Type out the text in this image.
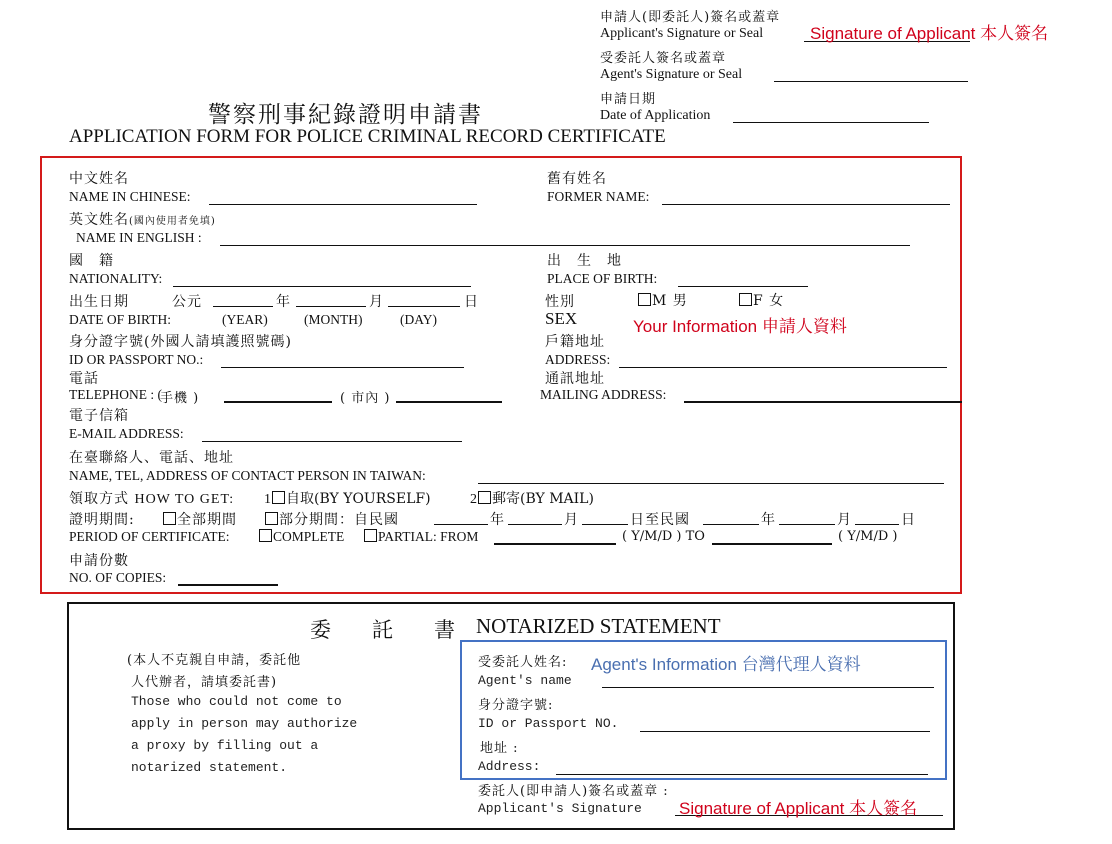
申請人(即委託人)簽名或蓋章
Applicant's Signature or Seal	Signature of Applicant 本人簽名
受委託人簽名或蓋章
Agent's Signature or Seal
申請日期
Date of Application
警察刑事紀錄證明申請書
APPLICATION FORM FOR POLICE CRIMINAL RECORD CERTIFICATE
中文姓名
NAME IN CHINESE:
舊有姓名
FORMER NAME:
英文姓名(國內使用者免填)
NAME IN ENGLISH :
國　籍
NATIONALITY:
出　生　地
PLACE OF BIRTH:
出生日期	公元	年	月	日
DATE OF BIRTH:	(YEAR)	(MONTH)	(DAY)
性別	M 男	F 女
SEX	Your Information 申請人資料
身分證字號(外國人請填護照號碼)
ID OR PASSPORT NO.:
戶籍地址
ADDRESS:
電話
TELEPHONE : (
手機 )	( 市內 )
通訊地址
MAILING ADDRESS:
電子信箱
E-MAIL ADDRESS:
在臺聯絡人、電話、地址
NAME, TEL, ADDRESS OF CONTACT PERSON IN TAIWAN:
領取方式 HOW TO GET: 1 自取(BY YOURSELF)	2 郵寄(BY MAIL)
證明期間:	全部期間	部分期間：自民國	年	月	日至民國	年	月	日
PERIOD OF CERTIFICATE:	COMPLETE	PARTIAL: FROM	( Y/M/D ) TO	( Y/M/D )
申請份數
NO. OF COPIES:
委　託　書 NOTARIZED STATEMENT
(本人不克親自申請，委託他
人代辦者，請填委託書)
Those who could not come to
apply in person may authorize
a proxy by filling out a
notarized statement.
受委託人姓名: Agent's Information 台灣代理人資料
Agent's name
身分證字號:
ID or Passport NO.
地址 :
Address:
委託人(即申請人)簽名或蓋章 :
Applicant's Signature Signature of Applicant 本人簽名
